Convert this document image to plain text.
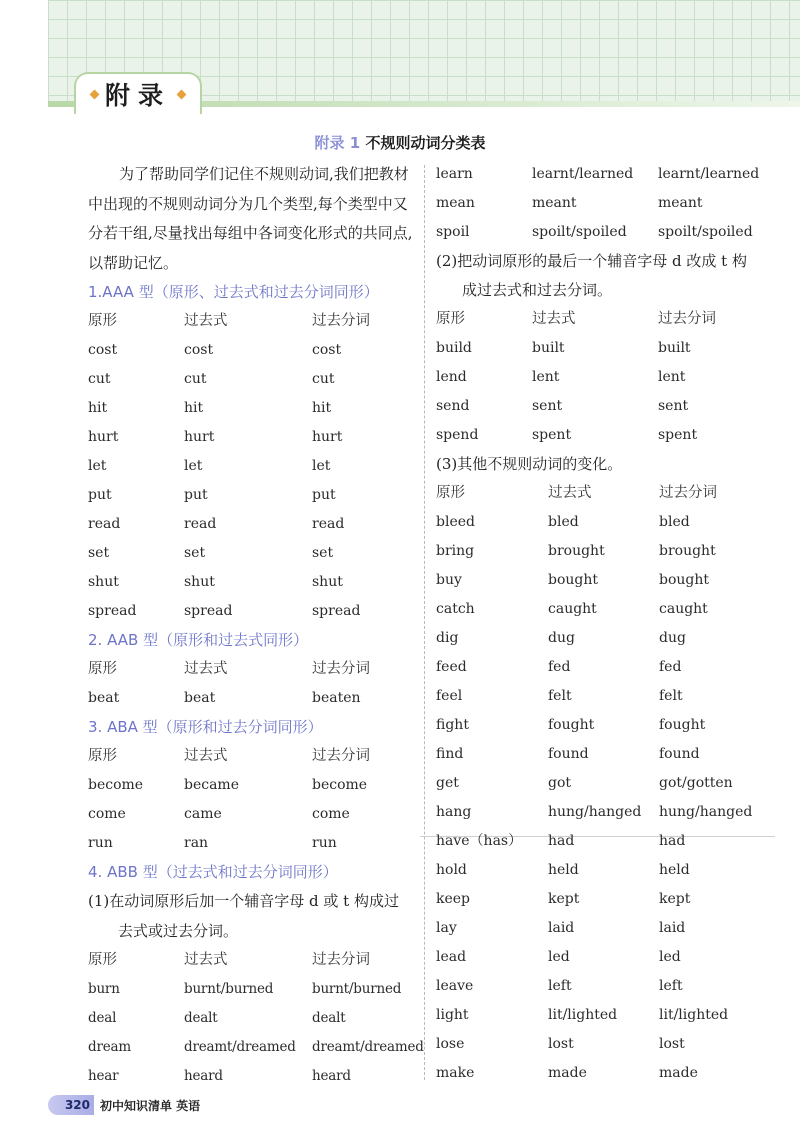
附录
附录 1 不规则动词分类表

为了帮助同学们记住不规则动词,我们把教材中出现的不规则动词分为几个类型,每个类型中又分若干组,尽量找出每组中各词变化形式的共同点,以帮助记忆。

1.AAA 型（原形、过去式和过去分词同形）
原形	过去式	过去分词
cost	cost	cost
cut	cut	cut
hit	hit	hit
hurt	hurt	hurt
let	let	let
put	put	put
read	read	read
set	set	set
shut	shut	shut
spread	spread	spread
2. AAB 型（原形和过去式同形）
原形	过去式	过去分词
beat	beat	beaten
3. ABA 型（原形和过去分词同形）
原形	过去式	过去分词
become	became	become
come	came	come
run	ran	run
4. ABB 型（过去式和过去分词同形）

(1)在动词原形后加一个辅音字母 d 或 t 构成过

去式或过去分词。

原形	过去式	过去分词
burn	burnt/burned	burnt/burned
deal	dealt	dealt
dream	dreamt/dreamed	dreamt/dreamed
hear	heard	heard
learn	learnt/learned	learnt/learned
mean	meant	meant
spoil	spoilt/spoiled	spoilt/spoiled

(2)把动词原形的最后一个辅音字母 d 改成 t 构

成过去式和过去分词。

原形	过去式	过去分词
build	built	built
lend	lent	lent
send	sent	sent
spend	spent	spent

(3)其他不规则动词的变化。

原形	过去式	过去分词
bleed	bled	bled
bring	brought	brought
buy	bought	bought
catch	caught	caught
dig	dug	dug
feed	fed	fed
feel	felt	felt
fight	fought	fought
find	found	found
get	got	got/gotten
hang	hung/hanged	hung/hanged
have（has）	had	had
hold	held	held
keep	kept	kept
lay	laid	laid
lead	led	led
leave	left	left
light	lit/lighted	lit/lighted
lose	lost	lost
make	made	made
320 初中知识清单 英语
